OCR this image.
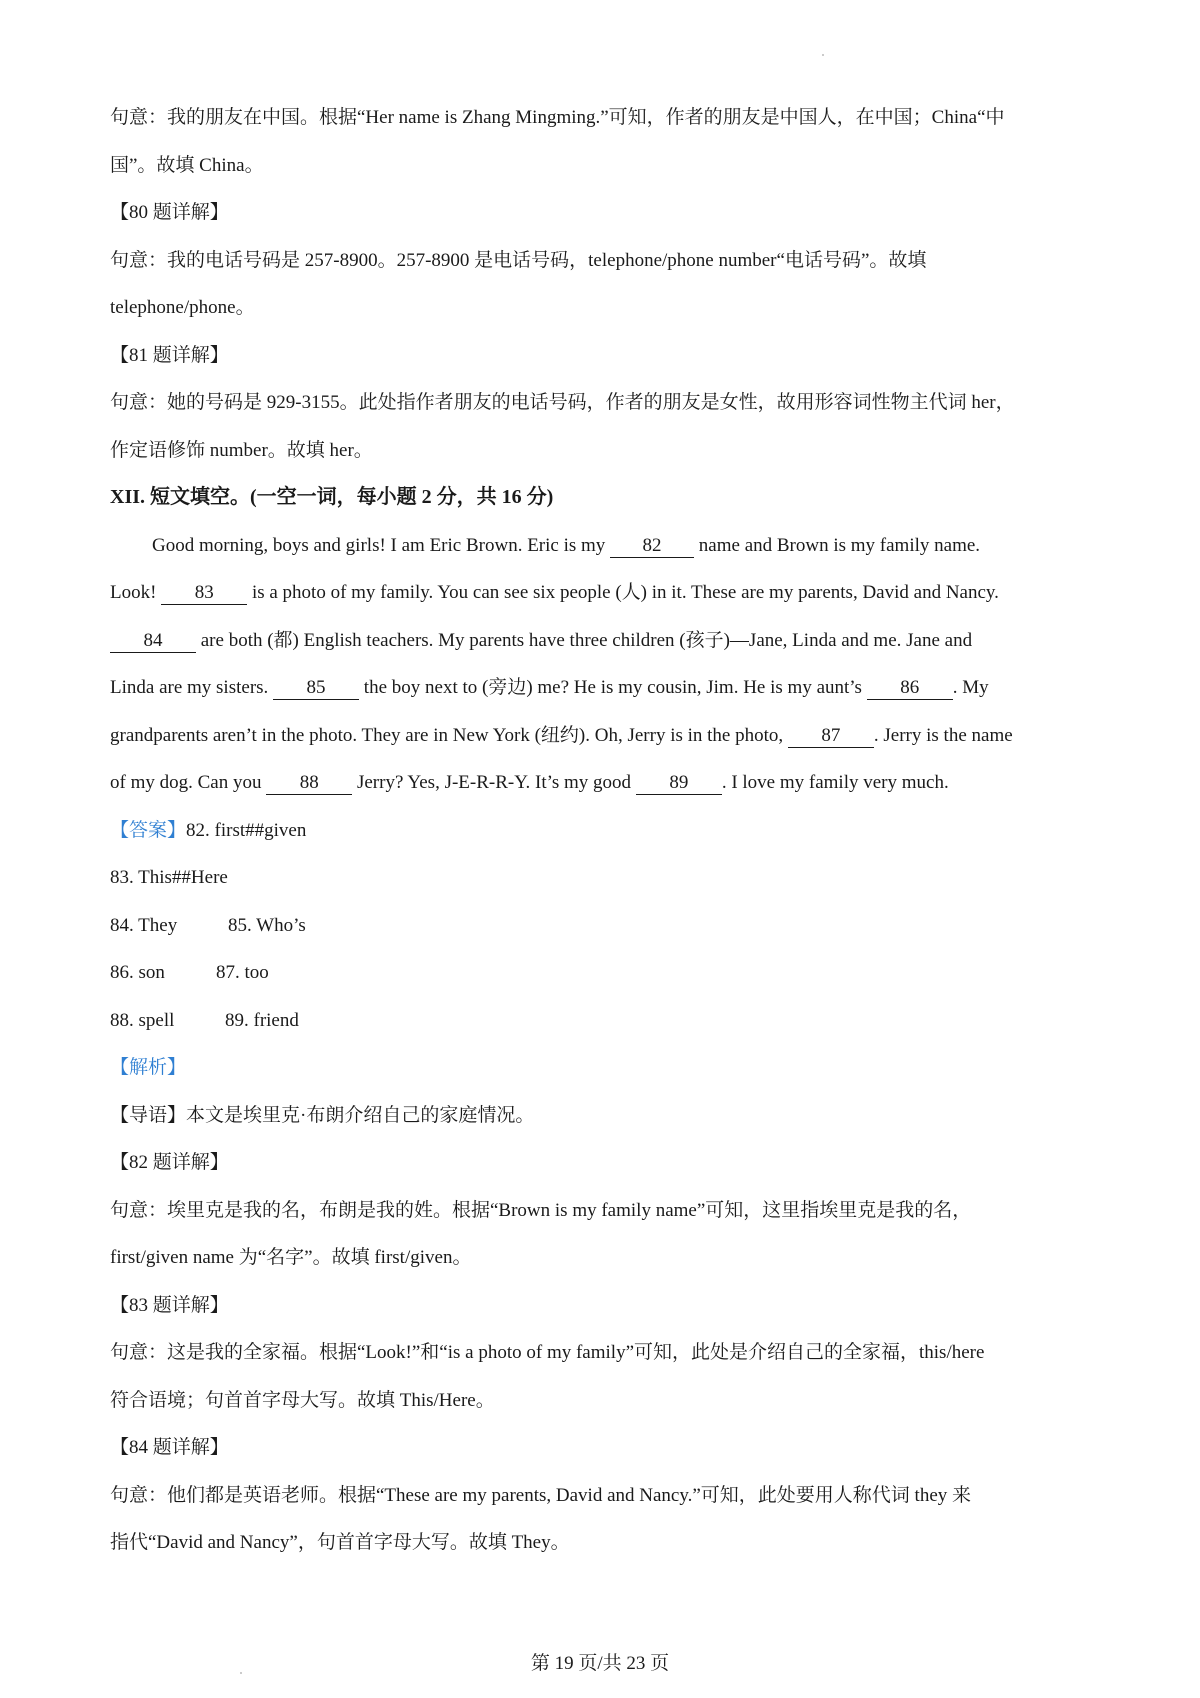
句意：我的朋友在中国。根据“Her name is Zhang Mingming.”可知，作者的朋友是中国人，在中国；China“中
国”。故填 China。
【80 题详解】
句意：我的电话号码是 257-8900。257-8900 是电话号码，telephone/phone number“电话号码”。故填
telephone/phone。
【81 题详解】
句意：她的号码是 929-3155。此处指作者朋友的电话号码，作者的朋友是女性，故用形容词性物主代词 her，
作定语修饰 number。故填 her。
XII. 短文填空。(一空一词，每小题 2 分，共 16 分)
Good morning, boys and girls! I am Eric Brown. Eric is my 82 name and Brown is my family name.
Look! 83 is a photo of my family. You can see six people (人) in it. These are my parents, David and Nancy.
84 are both (都) English teachers. My parents have three children (孩子)—Jane, Linda and me. Jane and
Linda are my sisters. 85 the boy next to (旁边) me? He is my cousin, Jim. He is my aunt’s 86 . My
grandparents aren’t in the photo. They are in New York (纽约). Oh, Jerry is in the photo, 87 . Jerry is the name
of my dog. Can you 88 Jerry? Yes, J-E-R-R-Y. It’s my good 89 . I love my family very much.
【答案】82. first##given
83. This##Here
84. They	85. Who’s
86. son	87. too
88. spell	89. friend
【解析】
【导语】本文是埃里克·布朗介绍自己的家庭情况。
【82 题详解】
句意：埃里克是我的名，布朗是我的姓。根据“Brown is my family name”可知，这里指埃里克是我的名，
first/given name 为“名字”。故填 first/given。
【83 题详解】
句意：这是我的全家福。根据“Look!”和“is a photo of my family”可知，此处是介绍自己的全家福，this/here
符合语境；句首首字母大写。故填 This/Here。
【84 题详解】
句意：他们都是英语老师。根据“These are my parents, David and Nancy.”可知，此处要用人称代词 they 来
指代“David and Nancy”，句首首字母大写。故填 They。
第 19 页/共 23 页
